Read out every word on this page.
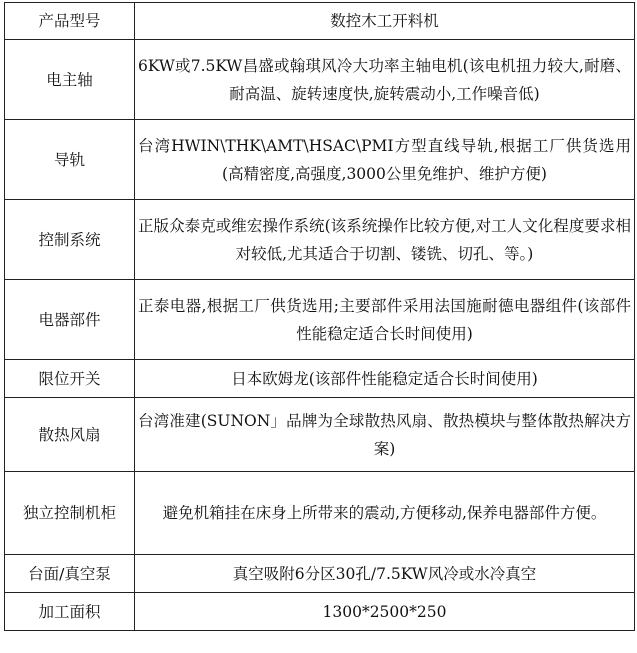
产品型号	数控木工开料机
电主轴	6KW或7.5KW昌盛或翰琪风冷大功率主轴电机(该电机扭力较大,耐磨、耐高温、旋转速度快,旋转震动小,工作噪音低)
导轨	台湾HWIN\THK\AMT\HSAC\PMI方型直线导轨,根据工厂供货选用 (高精密度,高强度,3000公里免维护、维护方便)
控制系统	正版众泰克或维宏操作系统(该系统操作比较方便,对工人文化程度要求相对较低,尤其适合于切割、镂铣、切孔、等。)
电器部件	正泰电器,根据工厂供货选用;主要部件采用法国施耐德电器组件(该部件性能稳定适合长时间使用)
限位开关	日本欧姆龙(该部件性能稳定适合长时间使用)
散热风扇	台湾准建(SUNON」品牌为全球散热风扇、散热模块与整体散热解决方案)
独立控制机柜	避免机箱挂在床身上所带来的震动,方便移动,保养电器部件方便。
台面/真空泵	真空吸附6分区30孔/7.5KW风冷或水冷真空
加工面积	1300*2500*250
